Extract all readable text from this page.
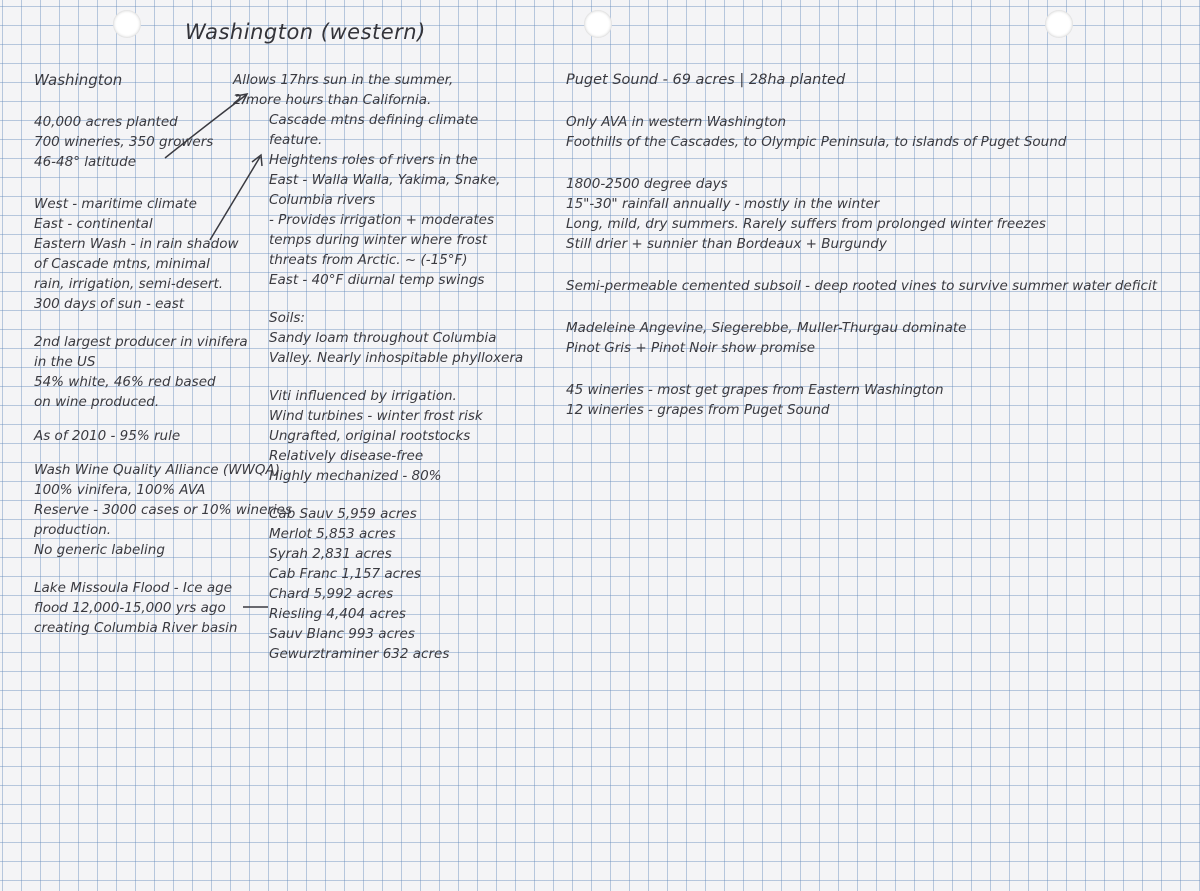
Washington (western)
Washington
40,000 acres planted
700 wineries, 350 growers
46-48° latitude
West - maritime climate
East - continental
Eastern Wash - in rain shadow
of Cascade mtns, minimal
rain, irrigation, semi-desert.
300 days of sun - east
2nd largest producer in vinifera
in the US
54% white, 46% red based
on wine produced.
As of 2010 - 95% rule
Wash Wine Quality Alliance (WWQA)
100% vinifera, 100% AVA
Reserve - 3000 cases or 10% wineries
production.
No generic labeling
Lake Missoula Flood - Ice age
flood 12,000-15,000 yrs ago
creating Columbia River basin
Allows 17hrs sun in the summer,
2 more hours than California.
Cascade mtns defining climate
feature.
Heightens roles of rivers in the
East - Walla Walla, Yakima, Snake,
Columbia rivers
- Provides irrigation + moderates
temps during winter where frost
threats from Arctic. ~ (-15°F)
East - 40°F diurnal temp swings
Soils:
Sandy loam throughout Columbia
Valley. Nearly inhospitable phylloxera
Viti influenced by irrigation.
Wind turbines - winter frost risk
Ungrafted, original rootstocks
Relatively disease-free
Highly mechanized - 80%
Cab Sauv 5,959 acres
Merlot 5,853 acres
Syrah 2,831 acres
Cab Franc 1,157 acres
Chard 5,992 acres
Riesling 4,404 acres
Sauv Blanc 993 acres
Gewurztraminer 632 acres
Puget Sound - 69 acres | 28ha planted
Only AVA in western Washington
Foothills of the Cascades, to Olympic Peninsula, to islands of Puget Sound
1800-2500 degree days
15"-30" rainfall annually - mostly in the winter
Long, mild, dry summers. Rarely suffers from prolonged winter freezes
Still drier + sunnier than Bordeaux + Burgundy
Semi-permeable cemented subsoil - deep rooted vines to survive summer water deficit
Madeleine Angevine, Siegerebbe, Muller-Thurgau dominate
Pinot Gris + Pinot Noir show promise
45 wineries - most get grapes from Eastern Washington
12 wineries - grapes from Puget Sound
